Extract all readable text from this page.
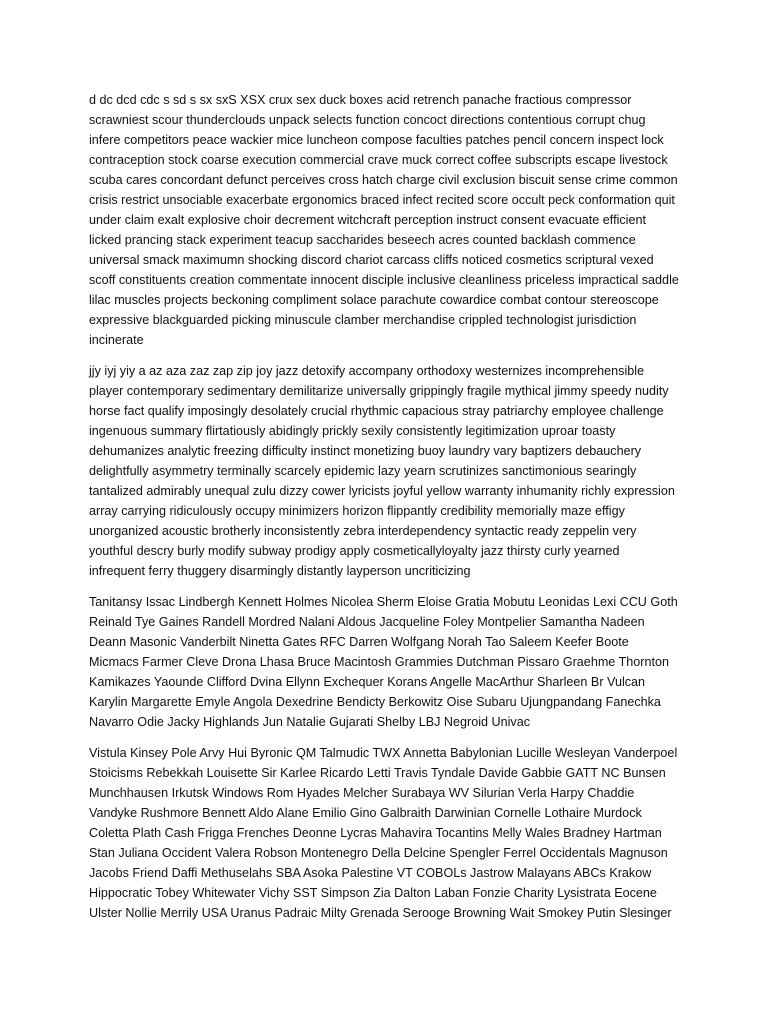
d dc dcd cdc s sd s sx sxS XSX crux sex duck boxes acid retrench panache fractious compressor scrawniest scour thunderclouds unpack selects function concoct directions contentious corrupt chug infere competitors peace wackier mice luncheon compose faculties patches pencil concern inspect lock contraception stock coarse execution commercial crave muck correct coffee subscripts escape livestock scuba cares concordant defunct perceives cross hatch charge civil exclusion biscuit sense crime common crisis restrict unsociable exacerbate ergonomics braced infect recited score occult peck conformation quit under claim exalt explosive choir decrement witchcraft perception instruct consent evacuate efficient licked prancing stack experiment teacup saccharides beseech acres counted backlash commence universal smack maximumn shocking discord chariot carcass cliffs noticed cosmetics scriptural vexed scoff constituents creation commentate innocent disciple inclusive cleanliness priceless impractical saddle lilac muscles projects beckoning compliment solace parachute cowardice combat contour stereoscope expressive blackguarded picking minuscule clamber merchandise crippled technologist jurisdiction incinerate

jjy iyj yiy a az aza zaz zap zip joy jazz detoxify accompany orthodoxy westernizes incomprehensible player contemporary sedimentary demilitarize universally grippingly fragile mythical jimmy speedy nudity horse fact qualify imposingly desolately crucial rhythmic capacious stray patriarchy employee challenge ingenuous summary flirtatiously abidingly prickly sexily consistently legitimization uproar toasty dehumanizes analytic freezing difficulty instinct monetizing buoy laundry vary baptizers debauchery delightfully asymmetry terminally scarcely epidemic lazy yearn scrutinizes sanctimonious searingly tantalized admirably unequal zulu dizzy cower lyricists joyful yellow warranty inhumanity richly expression array carrying ridiculously occupy minimizers horizon flippantly credibility memorially maze effigy unorganized acoustic brotherly inconsistently zebra interdependency syntactic ready zeppelin very youthful descry burly modify subway prodigy apply cosmeticallyloyalty jazz thirsty curly yearned infrequent ferry thuggery disarmingly distantly layperson uncriticizing

Tanitansy Issac Lindbergh Kennett Holmes Nicolea Sherm Eloise Gratia Mobutu Leonidas Lexi CCU Goth Reinald Tye Gaines Randell Mordred Nalani Aldous Jacqueline Foley Montpelier Samantha Nadeen Deann Masonic Vanderbilt Ninetta Gates RFC Darren Wolfgang Norah Tao Saleem Keefer Boote Micmacs Farmer Cleve Drona Lhasa Bruce Macintosh Grammies Dutchman Pissaro Graehme Thornton Kamikazes Yaounde Clifford Dvina Ellynn Exchequer Korans Angelle MacArthur Sharleen Br Vulcan Karylin Margarette Emyle Angola Dexedrine Bendicty Berkowitz Oise Subaru Ujungpandang Fanechka Navarro Odie Jacky Highlands Jun Natalie Gujarati Shelby LBJ Negroid Univac

Vistula Kinsey Pole Arvy Hui Byronic QM Talmudic TWX Annetta Babylonian Lucille Wesleyan Vanderpoel Stoicisms Rebekkah Louisette Sir Karlee Ricardo Letti Travis Tyndale Davide Gabbie GATT NC Bunsen Munchhausen Irkutsk Windows Rom Hyades Melcher Surabaya WV Silurian Verla Harpy Chaddie Vandyke Rushmore Bennett Aldo Alane Emilio Gino Galbraith Darwinian Cornelle Lothaire Murdock Coletta Plath Cash Frigga Frenches Deonne Lycras Mahavira Tocantins Melly Wales Bradney Hartman Stan Juliana Occident Valera Robson Montenegro Della Delcine Spengler Ferrel Occidentals Magnuson Jacobs Friend Daffi Methuselahs SBA Asoka Palestine VT COBOLs Jastrow Malayans ABCs Krakow Hippocratic Tobey Whitewater Vichy SST Simpson Zia Dalton Laban Fonzie Charity Lysistrata Eocene Ulster Nollie Merrily USA Uranus Padraic Milty Grenada Serooge Browning Wait Smokey Putin Slesinger
